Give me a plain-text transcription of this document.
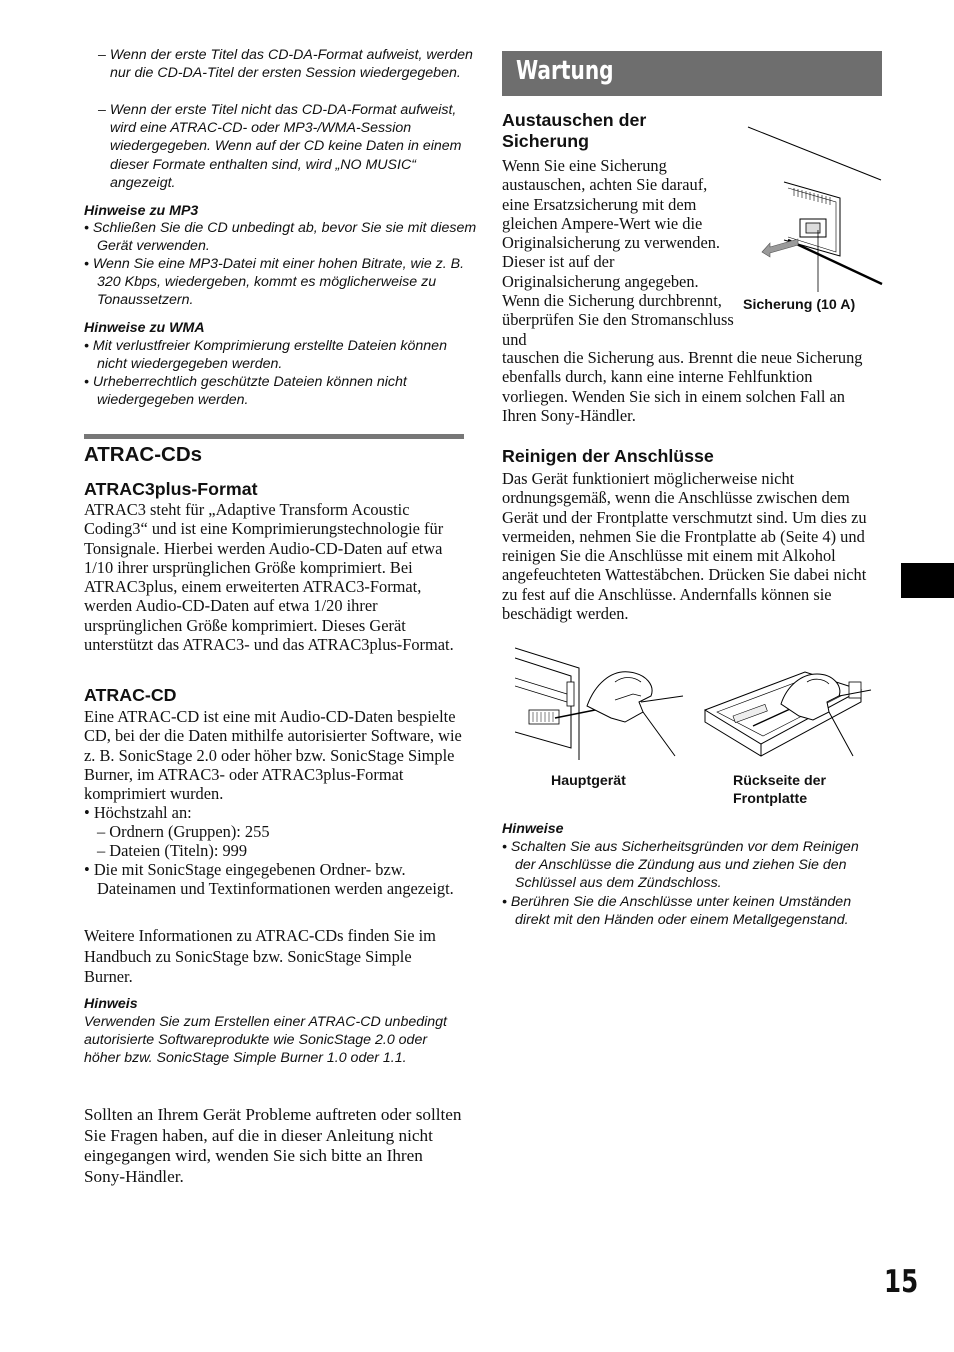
– Wenn der erste Titel das CD-DA-Format aufweist, werden nur die CD-DA-Titel der ersten Session wiedergegeben.
– Wenn der erste Titel nicht das CD-DA-Format aufweist, wird eine ATRAC-CD- oder MP3-/WMA-Session wiedergegeben. Wenn auf der CD keine Daten in einem dieser Formate enthalten sind, wird „NO MUSIC“ angezeigt.
Hinweise zu MP3
• Schließen Sie die CD unbedingt ab, bevor Sie sie mit diesem Gerät verwenden.
• Wenn Sie eine MP3-Datei mit einer hohen Bitrate, wie z. B. 320 Kbps, wiedergeben, kommt es möglicherweise zu Tonaussetzern.
Hinweise zu WMA
• Mit verlustfreier Komprimierung erstellte Dateien können nicht wiedergegeben werden.
• Urheberrechtlich geschützte Dateien können nicht wiedergegeben werden.
ATRAC-CDs
ATRAC3plus-Format
ATRAC3 steht für „Adaptive Transform Acoustic Coding3“ und ist eine Komprimierungstechnologie für Tonsignale. Hierbei werden Audio-CD-Daten auf etwa 1/10 ihrer ursprünglichen Größe komprimiert. Bei ATRAC3plus, einem erweiterten ATRAC3-Format, werden Audio-CD-Daten auf etwa 1/20 ihrer ursprünglichen Größe komprimiert. Dieses Gerät unterstützt das ATRAC3- und das ATRAC3plus-Format.
ATRAC-CD
Eine ATRAC-CD ist eine mit Audio-CD-Daten bespielte CD, bei der die Daten mithilfe autorisierter Software, wie z. B. SonicStage 2.0 oder höher bzw. SonicStage Simple Burner, im ATRAC3- oder ATRAC3plus-Format komprimiert wurden.
• Höchstzahl an:
– Ordnern (Gruppen): 255
– Dateien (Titeln): 999
• Die mit SonicStage eingegebenen Ordner- bzw. Dateinamen und Textinformationen werden angezeigt.
Weitere Informationen zu ATRAC-CDs finden Sie im Handbuch zu SonicStage bzw. SonicStage Simple Burner.
Hinweis
Verwenden Sie zum Erstellen einer ATRAC-CD unbedingt autorisierte Softwareprodukte wie SonicStage 2.0 oder höher bzw. SonicStage Simple Burner 1.0 oder 1.1.
Sollten an Ihrem Gerät Probleme auftreten oder sollten Sie Fragen haben, auf die in dieser Anleitung nicht eingegangen wird, wenden Sie sich bitte an Ihren Sony-Händler.
Wartung
Austauschen der Sicherung
Wenn Sie eine Sicherung austauschen, achten Sie darauf, eine Ersatzsicherung mit dem gleichen Ampere-Wert wie die Originalsicherung zu verwenden. Dieser ist auf der Originalsicherung angegeben. Wenn die Sicherung durchbrennt, überprüfen Sie den Stromanschluss und
tauschen die Sicherung aus. Brennt die neue Sicherung ebenfalls durch, kann eine interne Fehlfunktion vorliegen. Wenden Sie sich in einem solchen Fall an Ihren Sony-Händler.
Sicherung (10 A)
Reinigen der Anschlüsse
Das Gerät funktioniert möglicherweise nicht ordnungsgemäß, wenn die Anschlüsse zwischen dem Gerät und der Frontplatte verschmutzt sind. Um dies zu vermeiden, nehmen Sie die Frontplatte ab (Seite 4) und reinigen Sie die Anschlüsse mit einem mit Alkohol angefeuchteten Wattestäbchen. Drücken Sie dabei nicht zu fest auf die Anschlüsse. Andernfalls können sie beschädigt werden.
Hauptgerät	Rückseite der Frontplatte
Hinweise
• Schalten Sie aus Sicherheitsgründen vor dem Reinigen der Anschlüsse die Zündung aus und ziehen Sie den Schlüssel aus dem Zündschloss.
• Berühren Sie die Anschlüsse unter keinen Umständen direkt mit den Händen oder einem Metallgegenstand.
15
